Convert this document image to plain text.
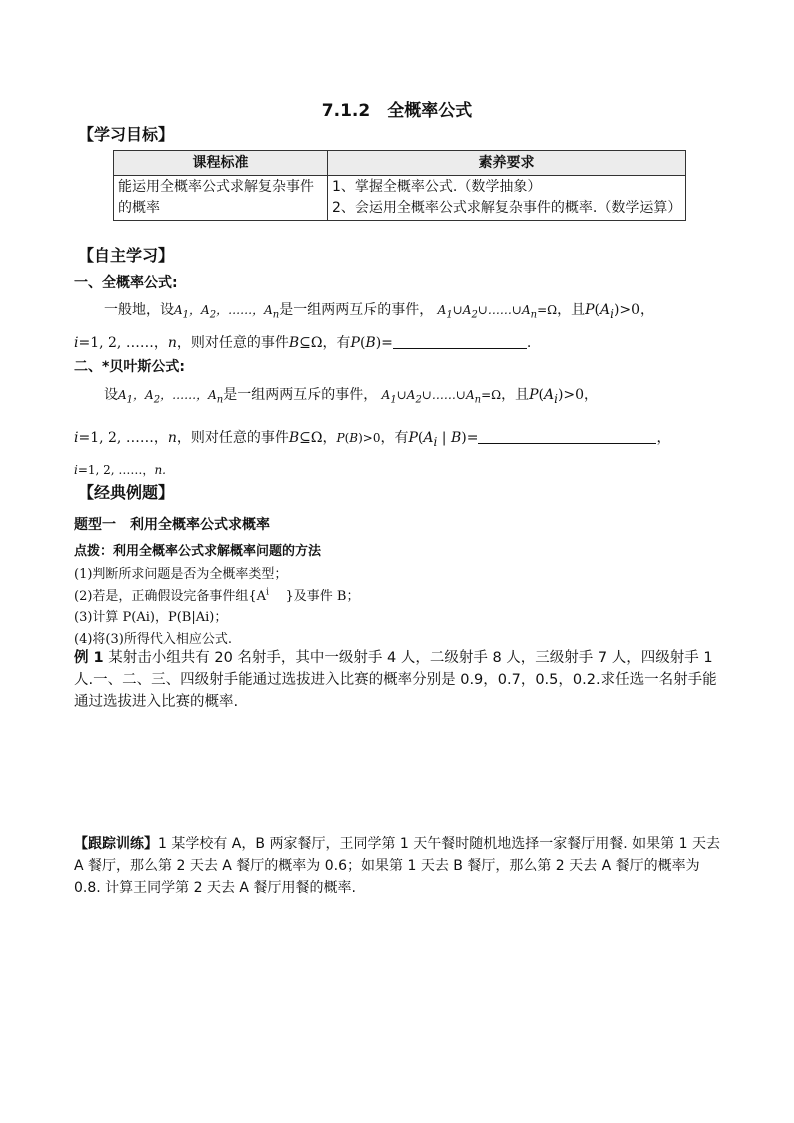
7.1.2　全概率公式
【学习目标】
课程标准	素养要求
能运用全概率公式求解复杂事件的概率	1、掌握全概率公式.（数学抽象）
2、会运用全概率公式求解复杂事件的概率.（数学运算）
【自主学习】
一、全概率公式:
一般地，设$A_1$，$A_2$，……，$A_n$是一组两两互斥的事件， $A_1\cup A_2\cup\dots\dots\cup A_n=\Omega$，且$P(A_i)>0$，
i=1, 2, ……，n，则对任意的事件B⊆Ω，有P(B)=	.
二、*贝叶斯公式:
设$A_1$，$A_2$，……，$A_n$是一组两两互斥的事件， $A_1\cup A_2\cup\dots\dots\cup A_n=\Omega$，且$P(A_i)>0$，
i=1, 2, ……，n，则对任意的事件B⊆Ω，P(B)>0，有$P(A_i$ | B)=	，
i=1, 2, ……，n.
【经典例题】
题型一　利用全概率公式求概率
点拨：利用全概率公式求解概率问题的方法
(1)判断所求问题是否为全概率类型；
(2)若是，正确假设完备事件组{$A^i$ }及事件 B；
(3)计算 P(Ai)，P(B|Ai)；
(4)将(3)所得代入相应公式.
例 1 某射击小组共有 20 名射手，其中一级射手 4 人，二级射手 8 人，三级射手 7 人，四级射手 1 人.一、二、三、四级射手能通过选拔进入比赛的概率分别是 0.9，0.7，0.5，0.2.求任选一名射手能通过选拔进入比赛的概率.
【跟踪训练】1 某学校有 A，B 两家餐厅，王同学第 1 天午餐时随机地选择一家餐厅用餐. 如果第 1 天去 A 餐厅，那么第 2 天去 A 餐厅的概率为 0.6；如果第 1 天去 B 餐厅，那么第 2 天去 A 餐厅的概率为 0.8. 计算王同学第 2 天去 A 餐厅用餐的概率.
